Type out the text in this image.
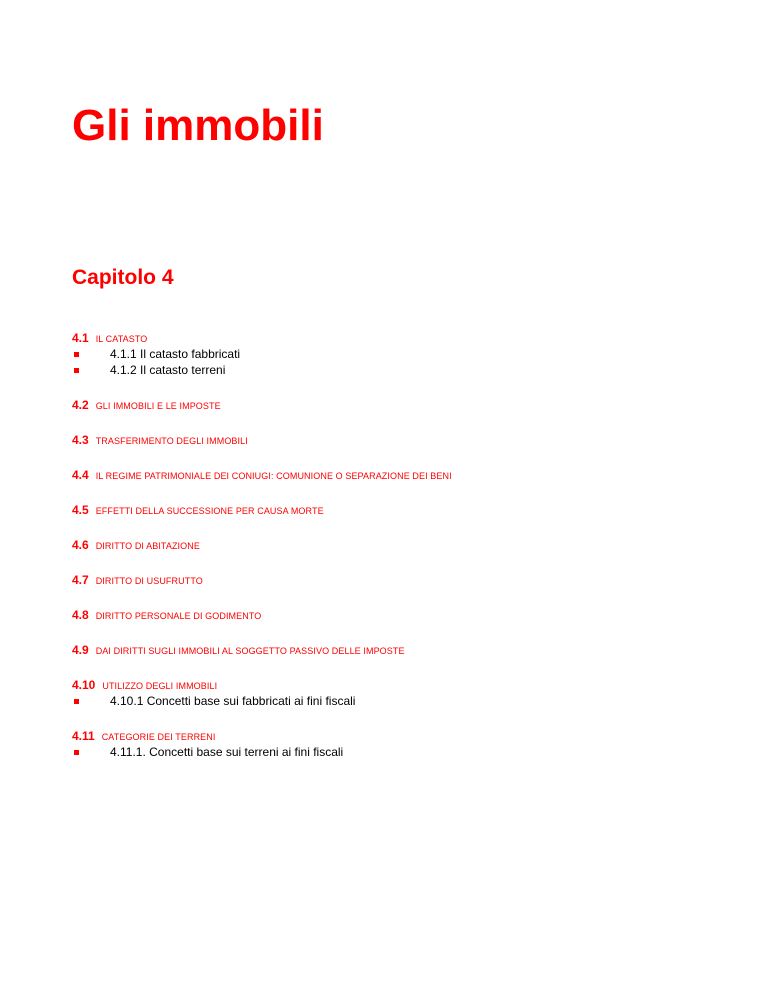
Gli immobili
Capitolo 4
4.1 IL CATASTO
4.1.1 Il catasto fabbricati
4.1.2 Il catasto terreni
4.2 GLI IMMOBILI E LE IMPOSTE
4.3 TRASFERIMENTO DEGLI IMMOBILI
4.4 IL REGIME PATRIMONIALE DEI CONIUGI: COMUNIONE O SEPARAZIONE DEI BENI
4.5 EFFETTI DELLA SUCCESSIONE PER CAUSA MORTE
4.6 DIRITTO DI ABITAZIONE
4.7 DIRITTO DI USUFRUTTO
4.8 DIRITTO PERSONALE DI GODIMENTO
4.9 DAI DIRITTI SUGLI IMMOBILI AL SOGGETTO PASSIVO DELLE IMPOSTE
4.10 UTILIZZO DEGLI IMMOBILI
4.10.1 Concetti base sui fabbricati ai fini fiscali
4.11 CATEGORIE DEI TERRENI
4.11.1. Concetti base sui terreni ai fini fiscali
